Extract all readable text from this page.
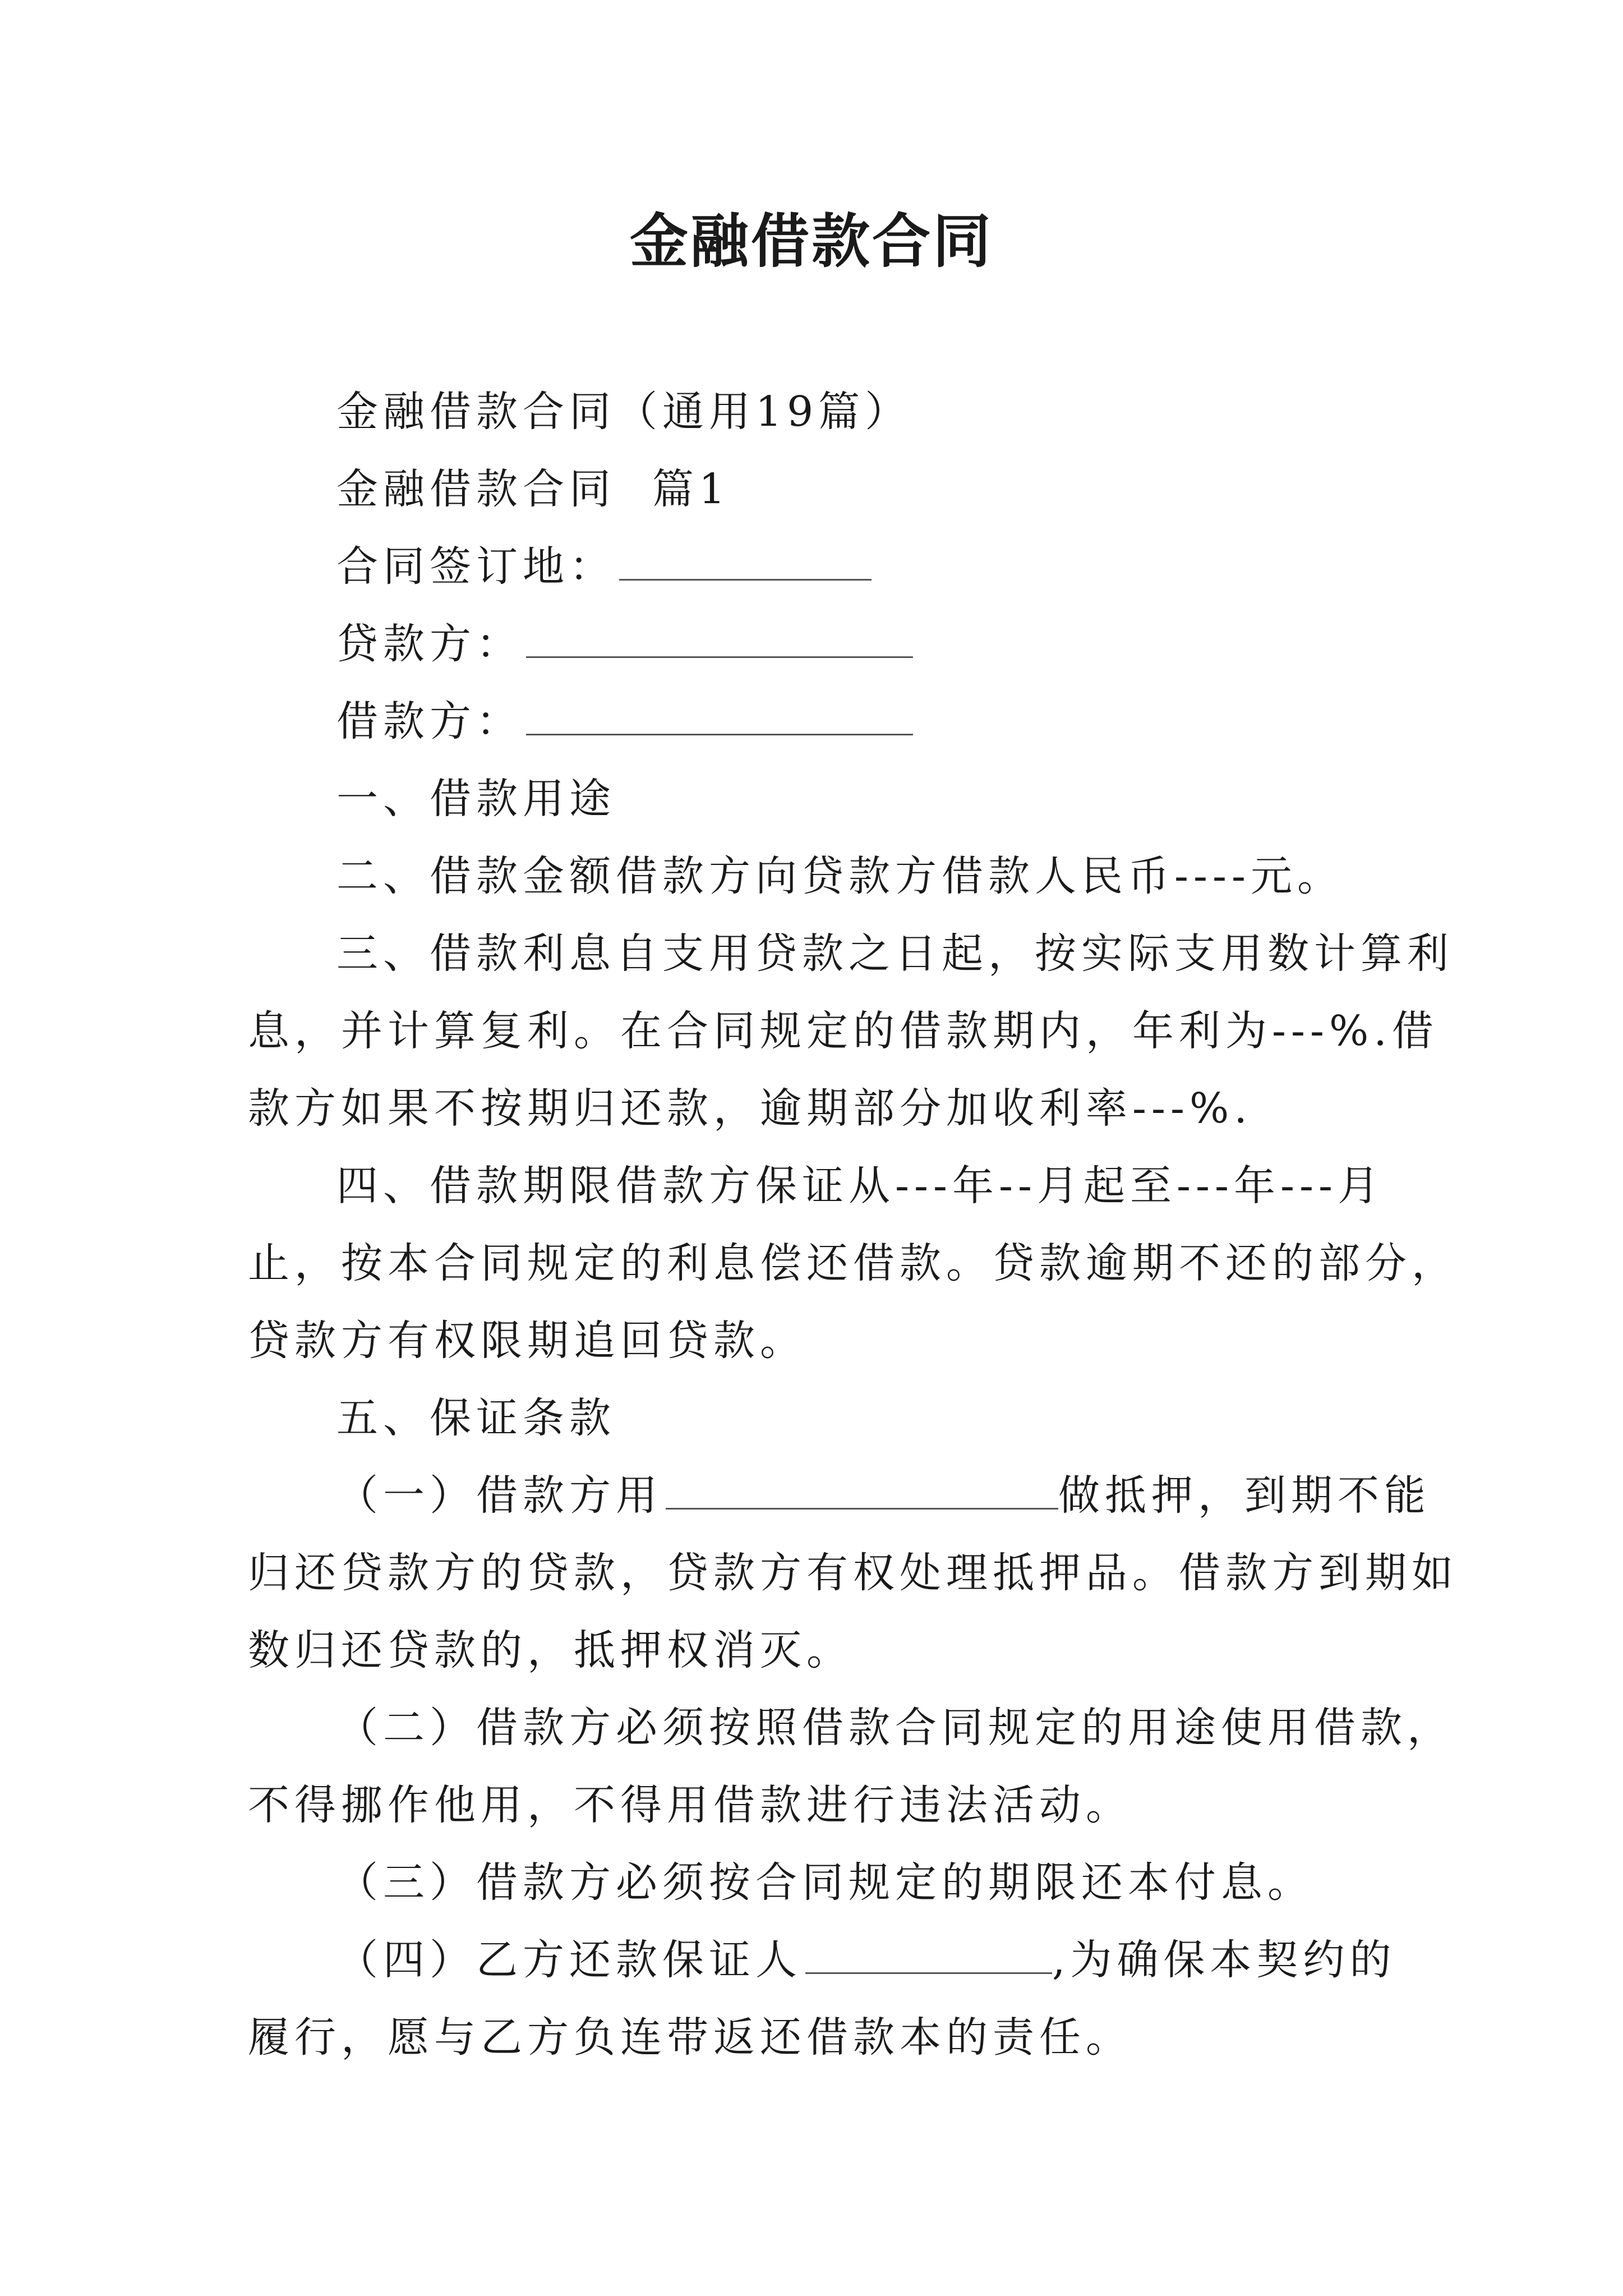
金融借款合同
金融借款合同（通用19篇）
金融借款合同  篇1
合同签订地：
贷款方：
借款方：
一、借款用途
二、借款金额借款方向贷款方借款人民币----元。
三、借款利息自支用贷款之日起，按实际支用数计算利
息，并计算复利。在合同规定的借款期内，年利为---%.借
款方如果不按期归还款，逾期部分加收利率---%.
四、借款期限借款方保证从---年--月起至---年---月
止，按本合同规定的利息偿还借款。贷款逾期不还的部分，
贷款方有权限期追回贷款。
五、保证条款
（一）借款方用	做抵押，到期不能
归还贷款方的贷款，贷款方有权处理抵押品。借款方到期如
数归还贷款的，抵押权消灭。
（二）借款方必须按照借款合同规定的用途使用借款，
不得挪作他用，不得用借款进行违法活动。
（三）借款方必须按合同规定的期限还本付息。
（四）乙方还款保证人	,为确保本契约的
履行，愿与乙方负连带返还借款本的责任。
